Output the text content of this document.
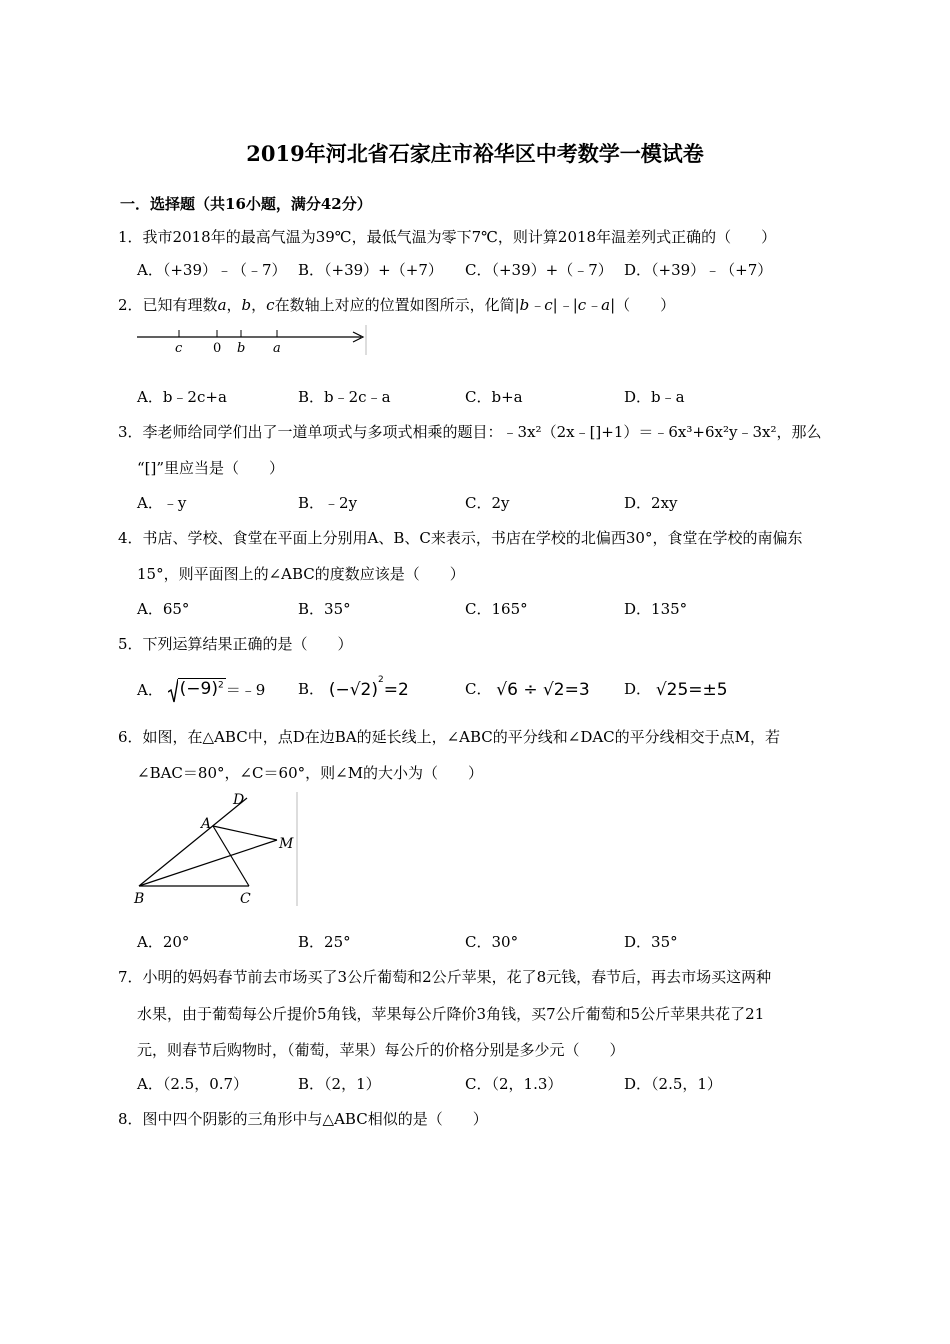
2019年河北省石家庄市裕华区中考数学一模试卷
一．选择题（共16小题，满分42分）
1．我市2018年的最高气温为39℃，最低气温为零下7℃，则计算2018年温差列式正确的（　　）
A．（+39）﹣（﹣7） B．（+39）+（+7） C．（+39）+（﹣7） D．（+39）﹣（+7）
2．已知有理数a，b，c在数轴上对应的位置如图所示，化简|b﹣c|﹣|c﹣a|（　　）
c 0 b a
A．b﹣2c+a	B．b﹣2c﹣a	C．b+a	D．b﹣a
3．李老师给同学们出了一道单项式与多项式相乘的题目：﹣3x²（2x﹣[]+1）＝﹣6x³+6x²y﹣3x²，那么
“[]”里应当是（　　）
A．﹣y	B．﹣2y	C．2y	D．2xy
4．书店、学校、食堂在平面上分别用A、B、C来表示，书店在学校的北偏西30°，食堂在学校的南偏东
15°，则平面图上的∠ABC的度数应该是（　　）
A．65°	B．35°	C．165°	D．135°
5．下列运算结果正确的是（　　）
A． $(-9)^2$ ＝﹣9 B． (−√2) 2 =2	C． √6 ÷ √2=3 D． √25=±5
6．如图，在△ABC中，点D在边BA的延长线上，∠ABC的平分线和∠DAC的平分线相交于点M，若
∠BAC＝80°，∠C＝60°，则∠M的大小为（　　）
D
A
M
B	C
A．20°	B．25°	C．30°	D．35°
7．小明的妈妈春节前去市场买了3公斤葡萄和2公斤苹果，花了8元钱，春节后，再去市场买这两种
水果，由于葡萄每公斤提价5角钱，苹果每公斤降价3角钱，买7公斤葡萄和5公斤苹果共花了21
元，则春节后购物时，（葡萄，苹果）每公斤的价格分别是多少元（　　）
A．（2.5，0.7）	B．（2，1）	C．（2，1.3）	D．（2.5，1）
8．图中四个阴影的三角形中与△ABC相似的是（　　）
